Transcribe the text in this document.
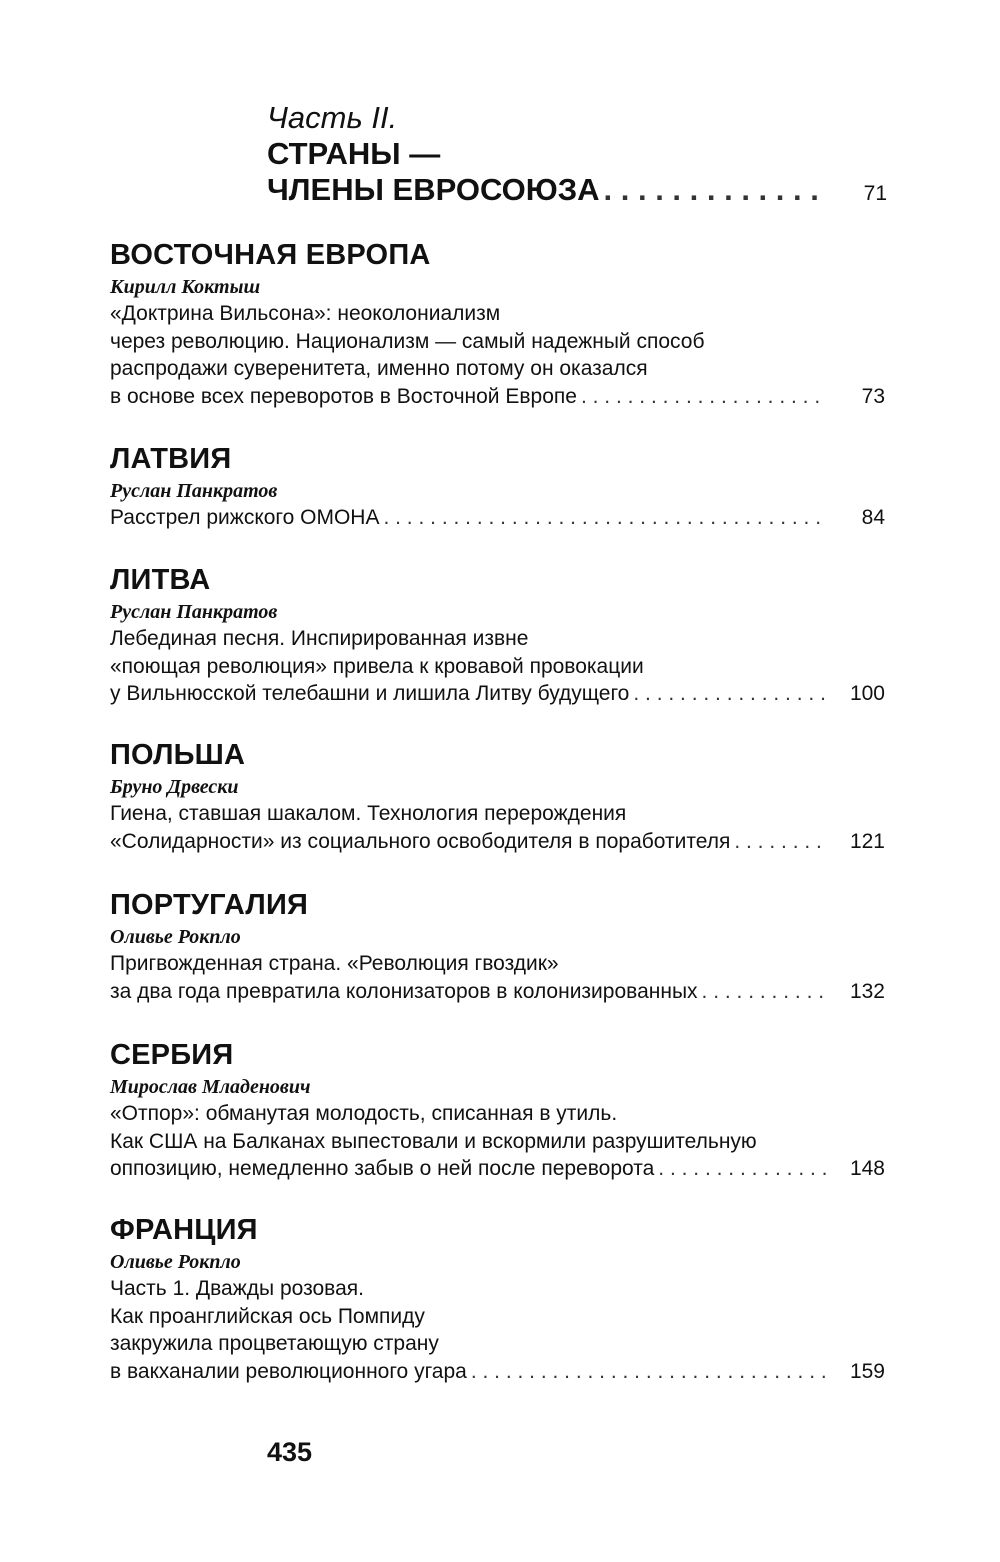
Часть II.
СТРАНЫ —
ЧЛЕНЫ ЕВРОСОЮЗА . . .	71
ВОСТОЧНАЯ ЕВРОПА
Кирилл Коктыш
«Доктрина Вильсона»: неоколониализм
через революцию. Национализм — самый надежный способ
распродажи суверенитета, именно потому он оказался
в основе всех переворотов в Восточной Европе . . .	73
ЛАТВИЯ
Руслан Панкратов
Расстрел рижского ОМОНА . . .	84
ЛИТВА
Руслан Панкратов
Лебединая песня. Инспирированная извне
«поющая революция» привела к кровавой провокации
у Вильнюсской телебашни и лишила Литву будущего . . .	100
ПОЛЬША
Бруно Дрвески
Гиена, ставшая шакалом. Технология перерождения
«Солидарности» из социального освободителя в поработителя . . .	121
ПОРТУГАЛИЯ
Оливье Рокпло
Пригвожденная страна. «Революция гвоздик»
за два года превратила колонизаторов в колонизированных . . .	132
СЕРБИЯ
Мирослав Младенович
«Отпор»: обманутая молодость, списанная в утиль.
Как США на Балканах выпестовали и вскормили разрушительную
оппозицию, немедленно забыв о ней после переворота . . .	148
ФРАНЦИЯ
Оливье Рокпло
Часть 1. Дважды розовая.
Как проанглийская ось Помпиду
закружила процветающую страну
в вакханалии революционного угара . . .	159
435
